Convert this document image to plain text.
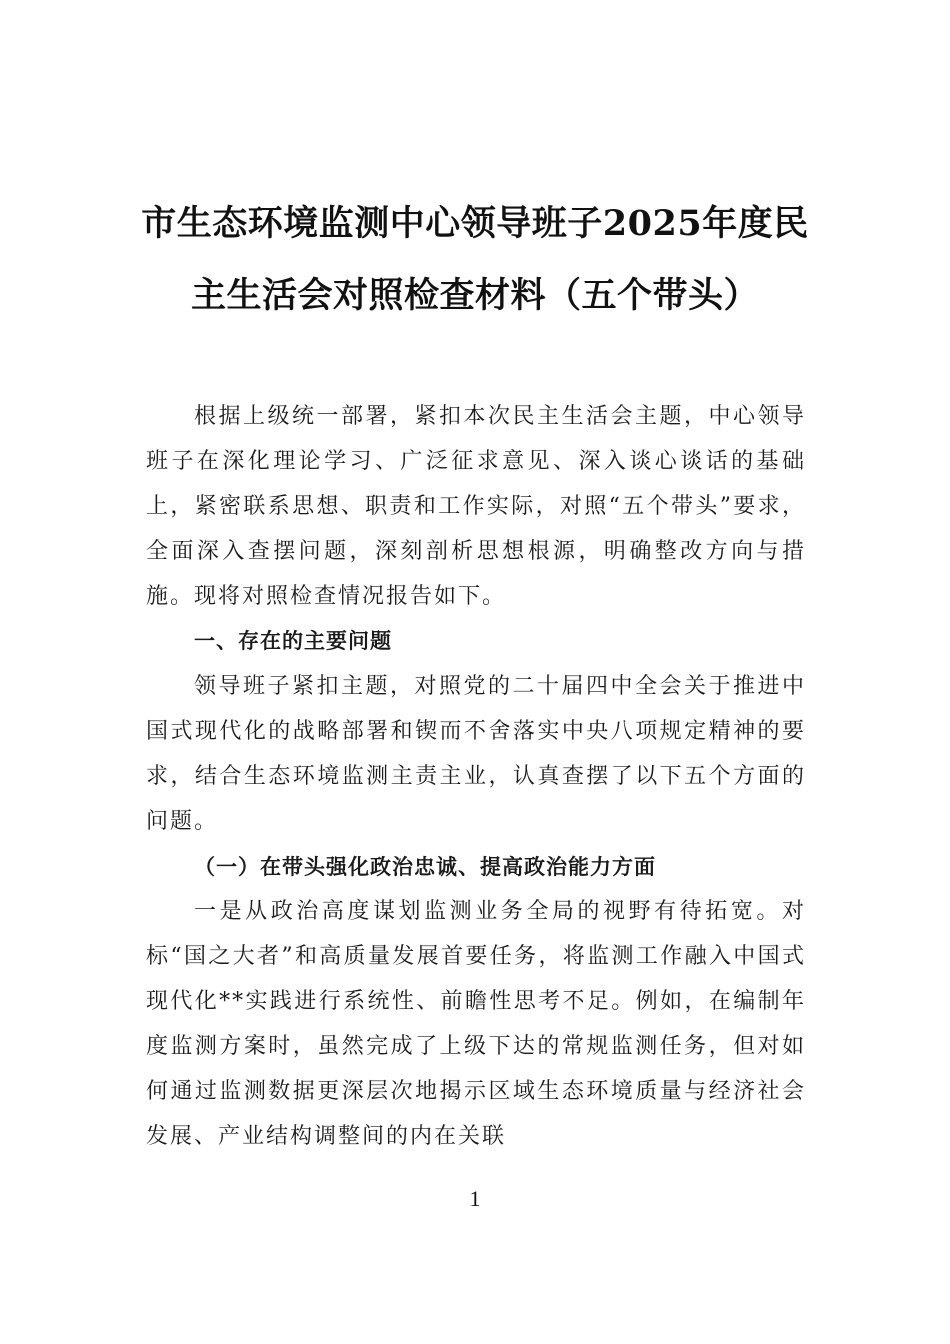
市生态环境监测中心领导班子2025年度民
主生活会对照检查材料（五个带头）

根据上级统一部署，紧扣本次民主生活会主题，中心领导班子在深化理论学习、广泛征求意见、深入谈心谈话的基础上，紧密联系思想、职责和工作实际，对照“五个带头”要求，全面深入查摆问题，深刻剖析思想根源，明确整改方向与措施。现将对照检查情况报告如下。

一、存在的主要问题

领导班子紧扣主题，对照党的二十届四中全会关于推进中国式现代化的战略部署和锲而不舍落实中央八项规定精神的要求，结合生态环境监测主责主业，认真查摆了以下五个方面的问题。

（一）在带头强化政治忠诚、提高政治能力方面

一是从政治高度谋划监测业务全局的视野有待拓宽。对标“国之大者”和高质量发展首要任务，将监测工作融入中国式现代化**实践进行系统性、前瞻性思考不足。例如，在编制年度监测方案时，虽然完成了上级下达的常规监测任务，但对如何通过监测数据更深层次地揭示区域生态环境质量与经济社会发展、产业结构调整间的内在关联

1
